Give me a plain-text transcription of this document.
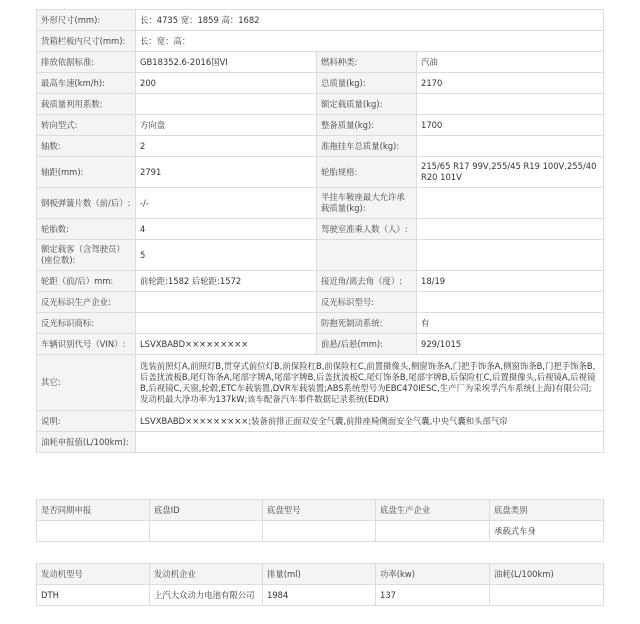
外形尺寸(mm):	长：4735 宽：1859 高：1682		
货箱栏板内尺寸(mm):	长：宽：高：		
排放依据标准:	GB18352.6-2016国VI	燃料种类:	汽油
最高车速(km/h):	200	总质量(kg):	2170
载质量利用系数:		额定载质量(kg):	
转向型式:	方向盘	整备质量(kg):	1700
轴数:	2	准拖挂车总质量(kg):	
轴距(mm):	2791	轮胎规格:	215/65 R17 99V,255/45 R19 100V,255/40 R20 101V
钢板弹簧片数（前/后）:	-/-	半挂车鞍座最大允许承载质量(kg):	
轮胎数:	4	驾驶室准乘人数（人）:	
额定载客（含驾驶员）(座位数):	5		
轮距（前/后）mm:	前轮距:1582 后轮距:1572	接近角/离去角（度）:	18/19
反光标识生产企业:		反光标识型号:	
反光标识商标:		防抱死制动系统:	有
车辆识别代号（VIN）:	LSVXBABD×××××××××	前悬/后悬(mm):	929/1015
其它:	选装前照灯A,前照灯B,贯穿式前位灯B,前保险杠B,前保险杠C,前置摄像头,侧窗饰条A,门把手饰条A,侧窗饰条B,门把手饰条B,后盖扰流板B,尾灯饰条A,尾部字牌A,尾部字牌B,后盖扰流板C,尾灯饰条B,尾部字牌B,后保险杠C,后置摄像头,后视镜A,后视镜B,后视镜C,天窗,轮毂,ETC车载装置,DVR车载装置;ABS系统型号为EBC470IESC,生产厂为采埃孚汽车系统(上海)有限公司;发动机最大净功率为137kW;该车配备汽车事件数据记录系统(EDR)		
说明:	LSVXBABD×××××××××;装备前排正面双安全气囊,前排座椅侧面安全气囊,中央气囊和头部气帘		
油耗申报值(L/100km):			
是否同期申报	底盘ID	底盘型号	底盘生产企业	底盘类别
				承载式车身
发动机型号	发动机企业	排量(ml)	功率(kw)	油耗(L/100km)
DTH	上汽大众动力电池有限公司	1984	137	
